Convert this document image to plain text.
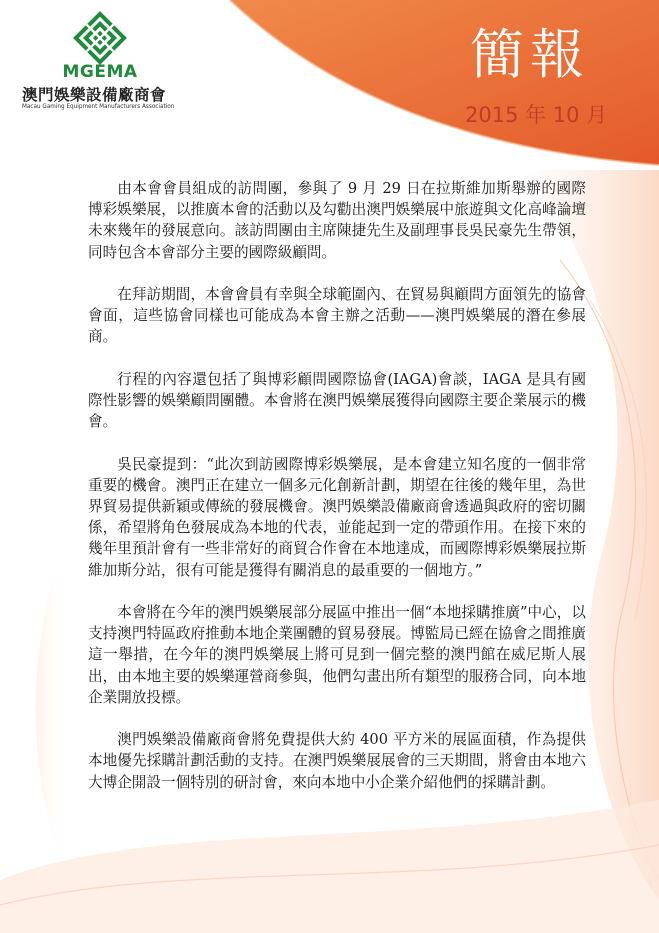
MGEMA
澳門娛樂設備廠商會
Macau Gaming Equipment Manufacturers Association
簡報
2015 年 10 月

由本會會員組成的訪問團，參與了 9 月 29 日在拉斯維加斯舉辦的國際博彩娛樂展，以推廣本會的活動以及勾勸出澳門娛樂展中旅遊與文化高峰論壇未來幾年的發展意向。該訪問團由主席陳捷先生及副理事長吳民豪先生帶領，同時包含本會部分主要的國際級顧問。

在拜訪期間，本會會員有幸與全球範圍內、在貿易與顧問方面領先的協會會面，這些協會同樣也可能成為本會主辦之活動——澳門娛樂展的潛在參展商。

行程的內容還包括了與博彩顧問國際協會(IAGA)會談，IAGA 是具有國際性影響的娛樂顧問團體。本會將在澳門娛樂展獲得向國際主要企業展示的機會。

吳民豪提到：“此次到訪國際博彩娛樂展，是本會建立知名度的一個非常重要的機會。澳門正在建立一個多元化創新計劃，期望在往後的幾年里，為世界貿易提供新穎或傳統的發展機會。澳門娛樂設備廠商會透過與政府的密切關係，希望將角色發展成為本地的代表，並能起到一定的帶頭作用。在接下來的幾年里預計會有一些非常好的商貿合作會在本地達成，而國際博彩娛樂展拉斯維加斯分站，很有可能是獲得有關消息的最重要的一個地方。”

本會將在今年的澳門娛樂展部分展區中推出一個“本地採購推廣”中心，以支持澳門特區政府推動本地企業團體的貿易發展。博監局已經在協會之間推廣這一舉措，在今年的澳門娛樂展上將可見到一個完整的澳門館在威尼斯人展出，由本地主要的娛樂運營商參與，他們勾畫出所有類型的服務合同，向本地企業開放投標。

澳門娛樂設備廠商會將免費提供大約 400 平方米的展區面積，作為提供本地優先採購計劃活動的支持。在澳門娛樂展展會的三天期間，將會由本地六大博企開設一個特別的研討會，來向本地中小企業介紹他們的採購計劃。
